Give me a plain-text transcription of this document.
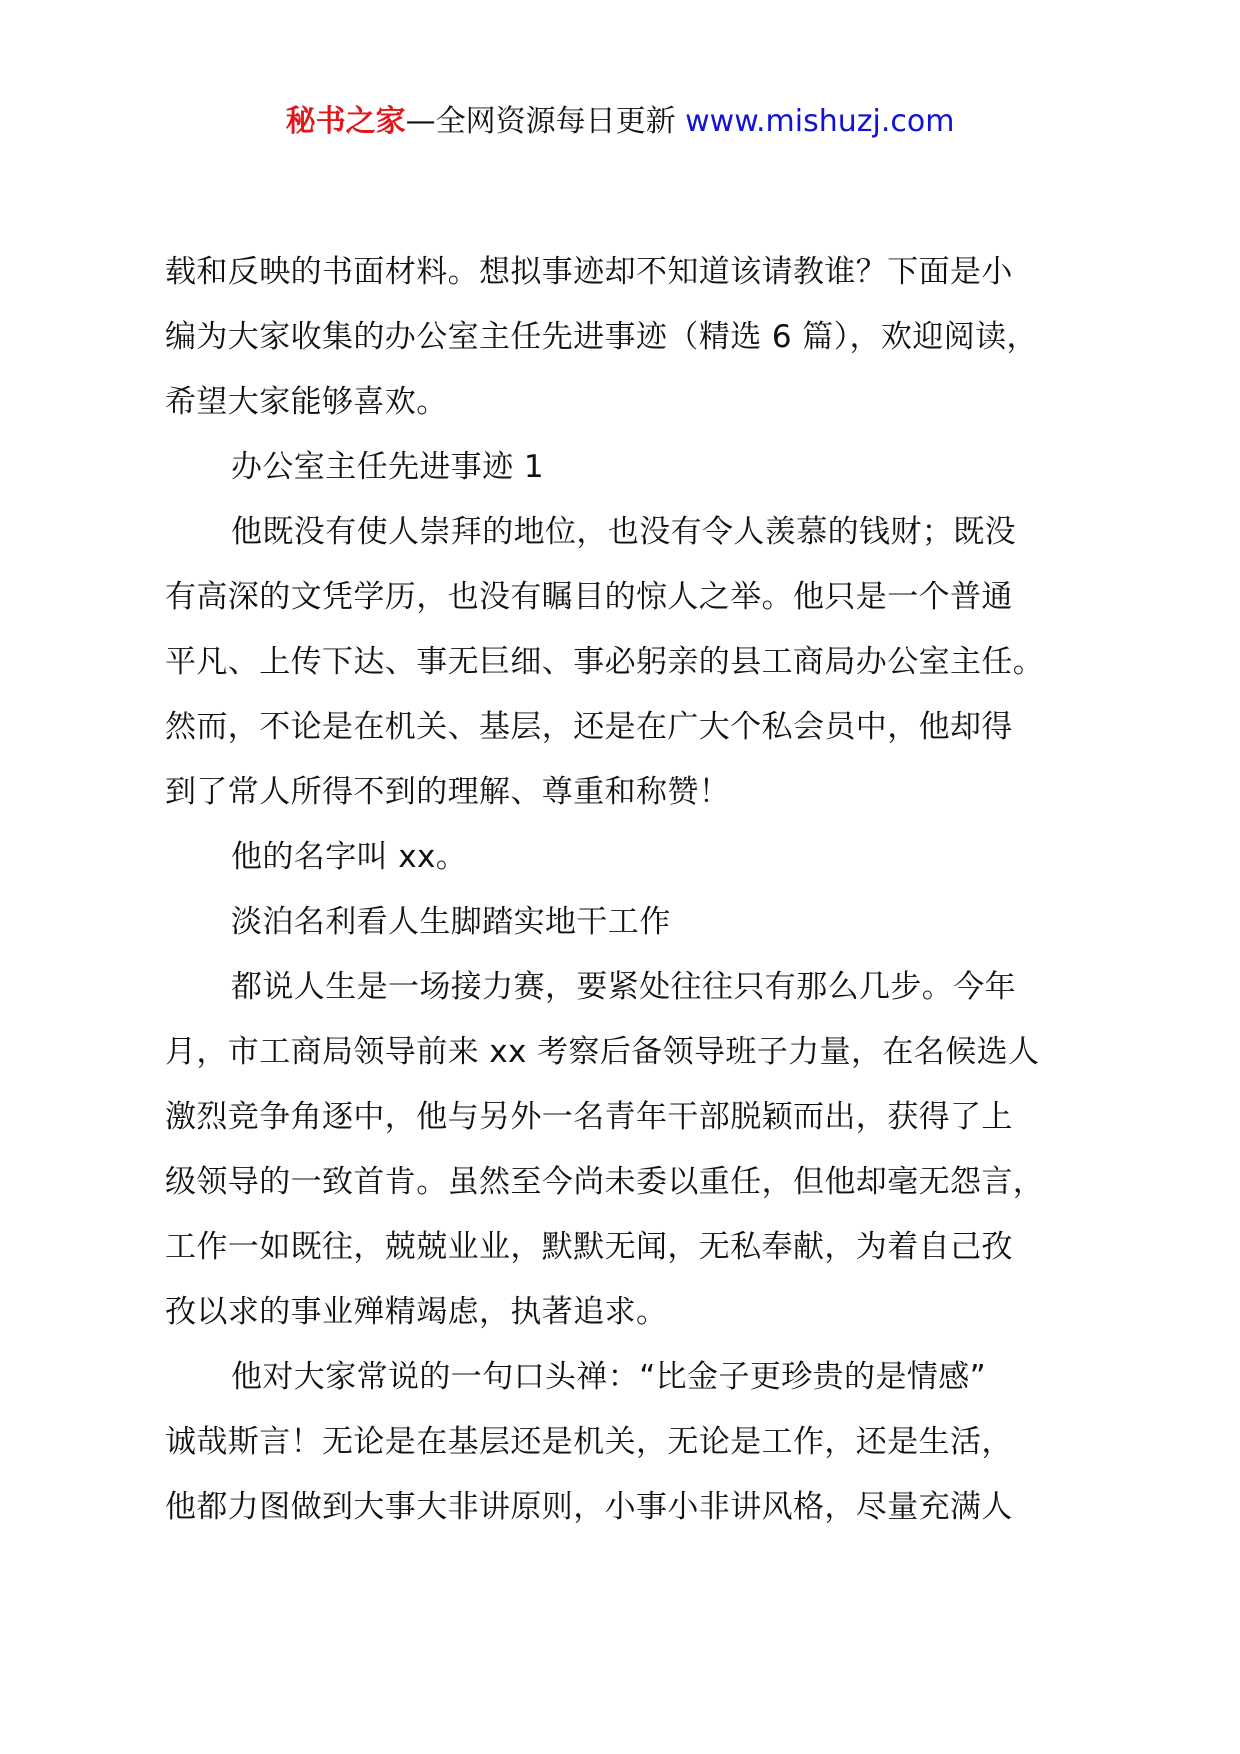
秘书之家—全网资源每日更新 www.mishuzj.com
载和反映的书面材料。想拟事迹却不知道该请教谁？下面是小
编为大家收集的办公室主任先进事迹（精选 6 篇），欢迎阅读，
希望大家能够喜欢。
办公室主任先进事迹 1
他既没有使人崇拜的地位，也没有令人羡慕的钱财；既没
有高深的文凭学历，也没有瞩目的惊人之举。他只是一个普通
平凡、上传下达、事无巨细、事必躬亲的县工商局办公室主任。
然而，不论是在机关、基层，还是在广大个私会员中，他却得
到了常人所得不到的理解、尊重和称赞！
他的名字叫 xx。
淡泊名利看人生脚踏实地干工作
都说人生是一场接力赛，要紧处往往只有那么几步。今年
月，市工商局领导前来 xx 考察后备领导班子力量，在名候选人
激烈竞争角逐中，他与另外一名青年干部脱颖而出，获得了上
级领导的一致首肯。虽然至今尚未委以重任，但他却毫无怨言，
工作一如既往，兢兢业业，默默无闻，无私奉献，为着自己孜
孜以求的事业殚精竭虑，执著追求。
他对大家常说的一句口头禅：“比金子更珍贵的是情感”
诚哉斯言！无论是在基层还是机关，无论是工作，还是生活，
他都力图做到大事大非讲原则，小事小非讲风格，尽量充满人
